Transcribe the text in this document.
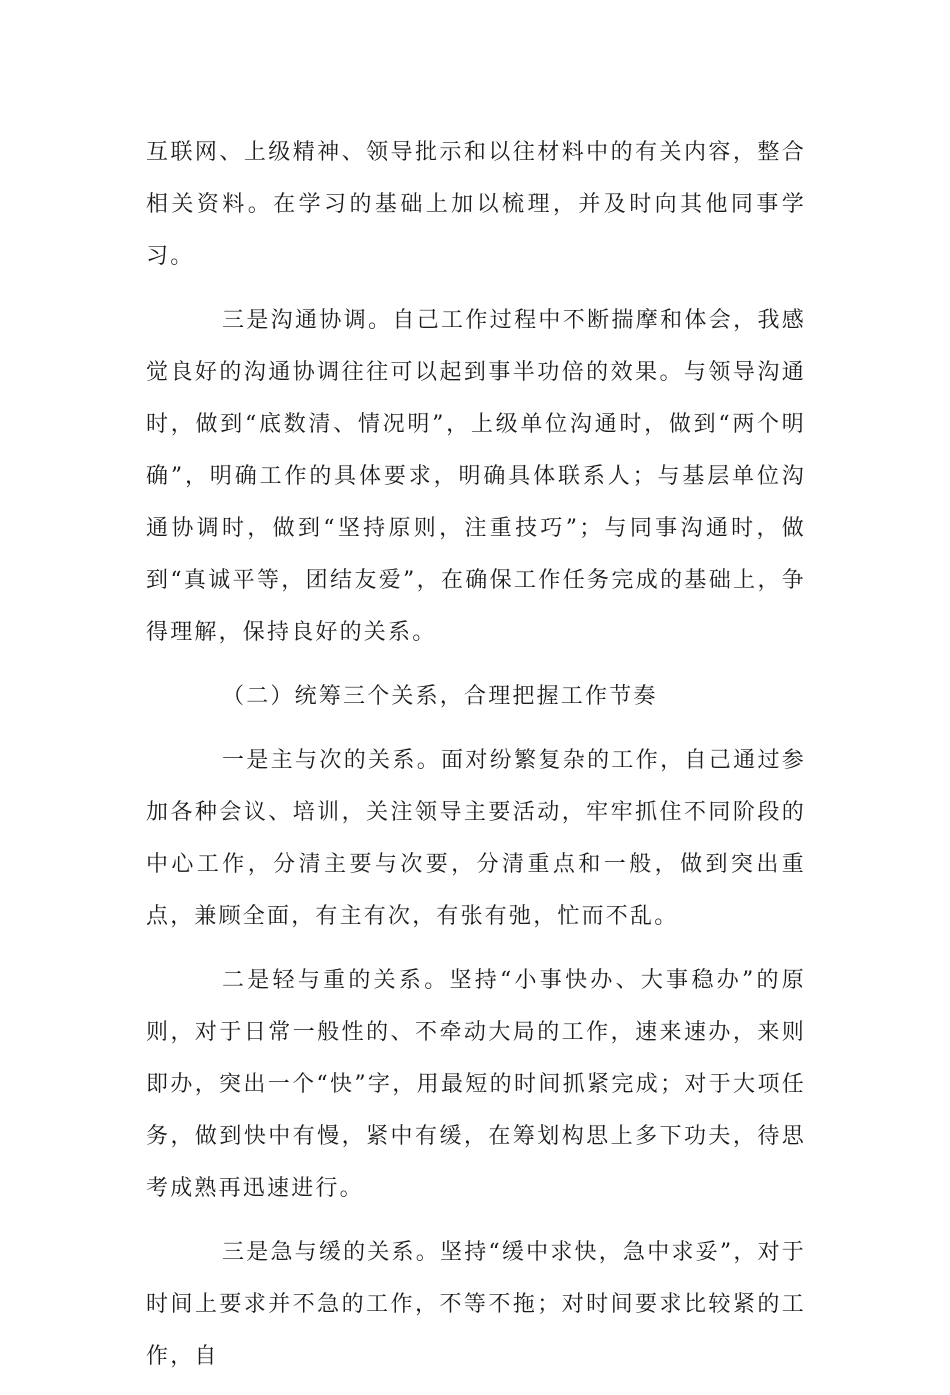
互联网、上级精神、领导批示和以往材料中的有关内容，整合相关资料。在学习的基础上加以梳理，并及时向其他同事学习。

三是沟通协调。自己工作过程中不断揣摩和体会，我感觉良好的沟通协调往往可以起到事半功倍的效果。与领导沟通时，做到“底数清、情况明”，上级单位沟通时，做到“两个明确”，明确工作的具体要求，明确具体联系人；与基层单位沟通协调时，做到“坚持原则，注重技巧”；与同事沟通时，做到“真诚平等，团结友爱”，在确保工作任务完成的基础上，争得理解，保持良好的关系。

（二）统筹三个关系，合理把握工作节奏

一是主与次的关系。面对纷繁复杂的工作，自己通过参加各种会议、培训，关注领导主要活动，牢牢抓住不同阶段的中心工作，分清主要与次要，分清重点和一般，做到突出重点，兼顾全面，有主有次，有张有弛，忙而不乱。

二是轻与重的关系。坚持“小事快办、大事稳办”的原则，对于日常一般性的、不牵动大局的工作，速来速办，来则即办，突出一个“快”字，用最短的时间抓紧完成；对于大项任务，做到快中有慢，紧中有缓，在筹划构思上多下功夫，待思考成熟再迅速进行。

三是急与缓的关系。坚持“缓中求快，急中求妥”，对于时间上要求并不急的工作，不等不拖；对时间要求比较紧的工作，自
